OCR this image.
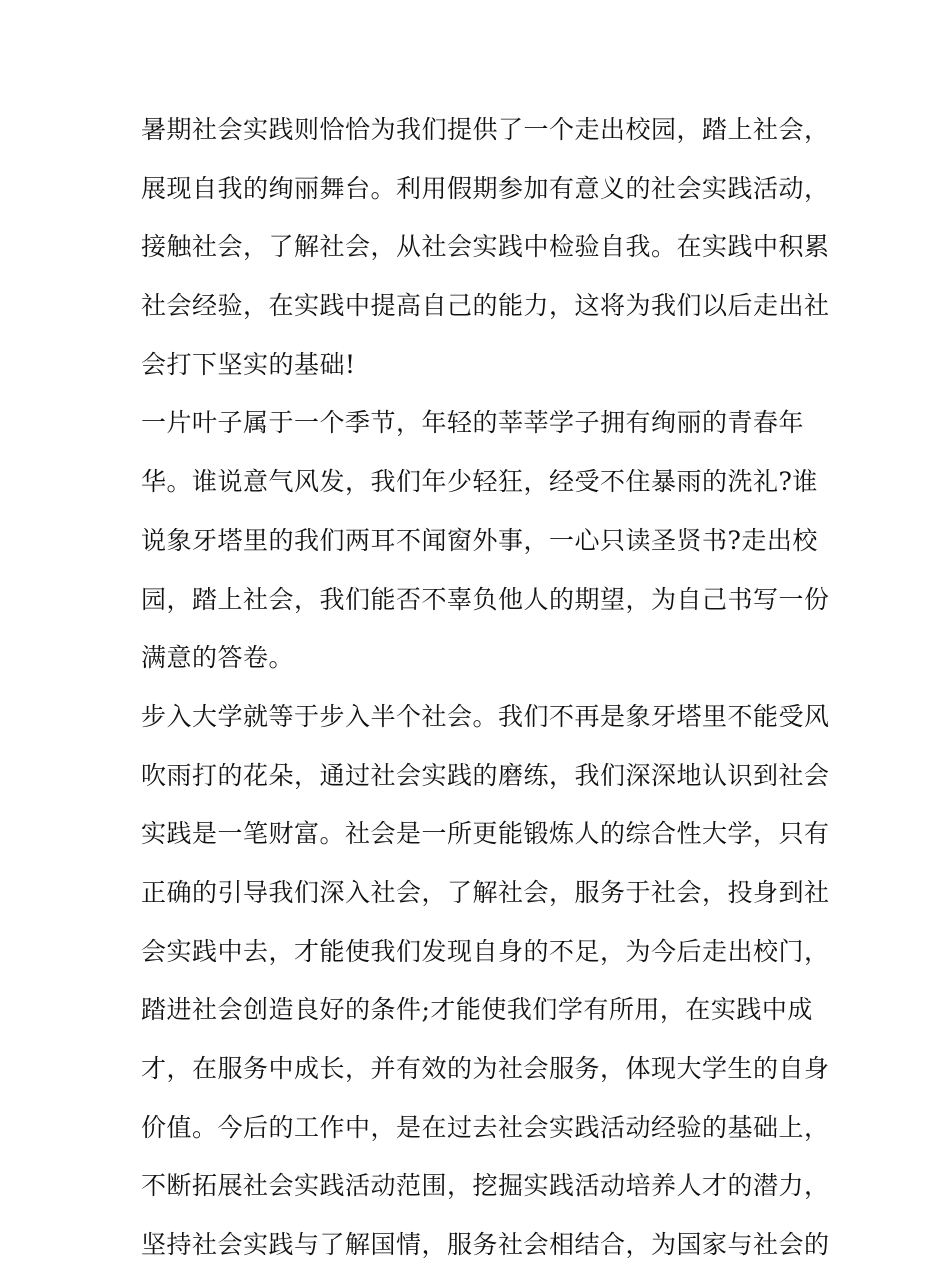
暑期社会实践则恰恰为我们提供了一个走出校园，踏上社会，
展现自我的绚丽舞台。利用假期参加有意义的社会实践活动，
接触社会，了解社会，从社会实践中检验自我。在实践中积累
社会经验，在实践中提高自己的能力，这将为我们以后走出社
会打下坚实的基础!
一片叶子属于一个季节，年轻的莘莘学子拥有绚丽的青春年
华。谁说意气风发，我们年少轻狂，经受不住暴雨的洗礼?谁
说象牙塔里的我们两耳不闻窗外事，一心只读圣贤书?走出校
园，踏上社会，我们能否不辜负他人的期望，为自己书写一份
满意的答卷。
步入大学就等于步入半个社会。我们不再是象牙塔里不能受风
吹雨打的花朵，通过社会实践的磨练，我们深深地认识到社会
实践是一笔财富。社会是一所更能锻炼人的综合性大学，只有
正确的引导我们深入社会，了解社会，服务于社会，投身到社
会实践中去，才能使我们发现自身的不足，为今后走出校门，
踏进社会创造良好的条件;才能使我们学有所用，在实践中成
才，在服务中成长，并有效的为社会服务，体现大学生的自身
价值。今后的工作中，是在过去社会实践活动经验的基础上，
不断拓展社会实践活动范围，挖掘实践活动培养人才的潜力，
坚持社会实践与了解国情，服务社会相结合，为国家与社会的
